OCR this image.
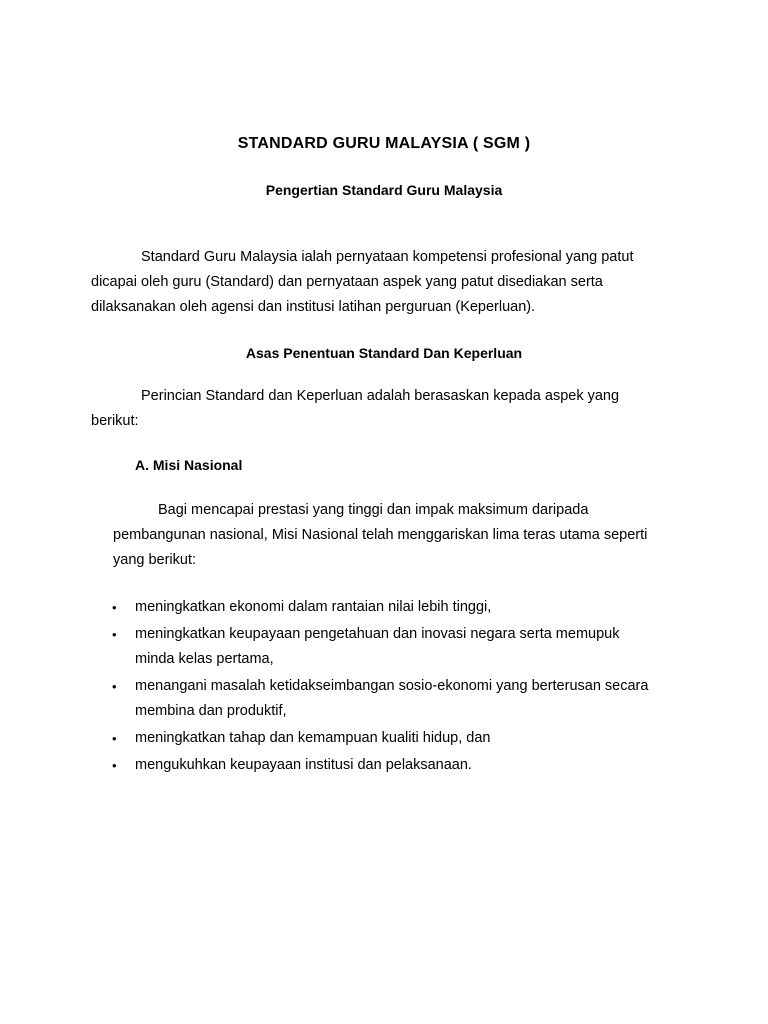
STANDARD GURU MALAYSIA ( SGM )
Pengertian Standard Guru Malaysia
Standard Guru Malaysia ialah pernyataan kompetensi profesional yang patut
dicapai oleh guru (Standard) dan pernyataan aspek yang patut disediakan serta
dilaksanakan oleh agensi dan institusi latihan perguruan (Keperluan).
Asas Penentuan Standard Dan Keperluan
Perincian Standard dan Keperluan adalah berasaskan kepada aspek yang
berikut:
A. Misi Nasional
Bagi mencapai prestasi yang tinggi dan impak maksimum daripada
pembangunan nasional, Misi Nasional telah menggariskan lima teras utama seperti
yang berikut:
• meningkatkan ekonomi dalam rantaian nilai lebih tinggi,
• meningkatkan keupayaan pengetahuan dan inovasi negara serta memupuk
minda kelas pertama,
• menangani masalah ketidakseimbangan sosio-ekonomi yang berterusan secara
membina dan produktif,
• meningkatkan tahap dan kemampuan kualiti hidup, dan
• mengukuhkan keupayaan institusi dan pelaksanaan.
